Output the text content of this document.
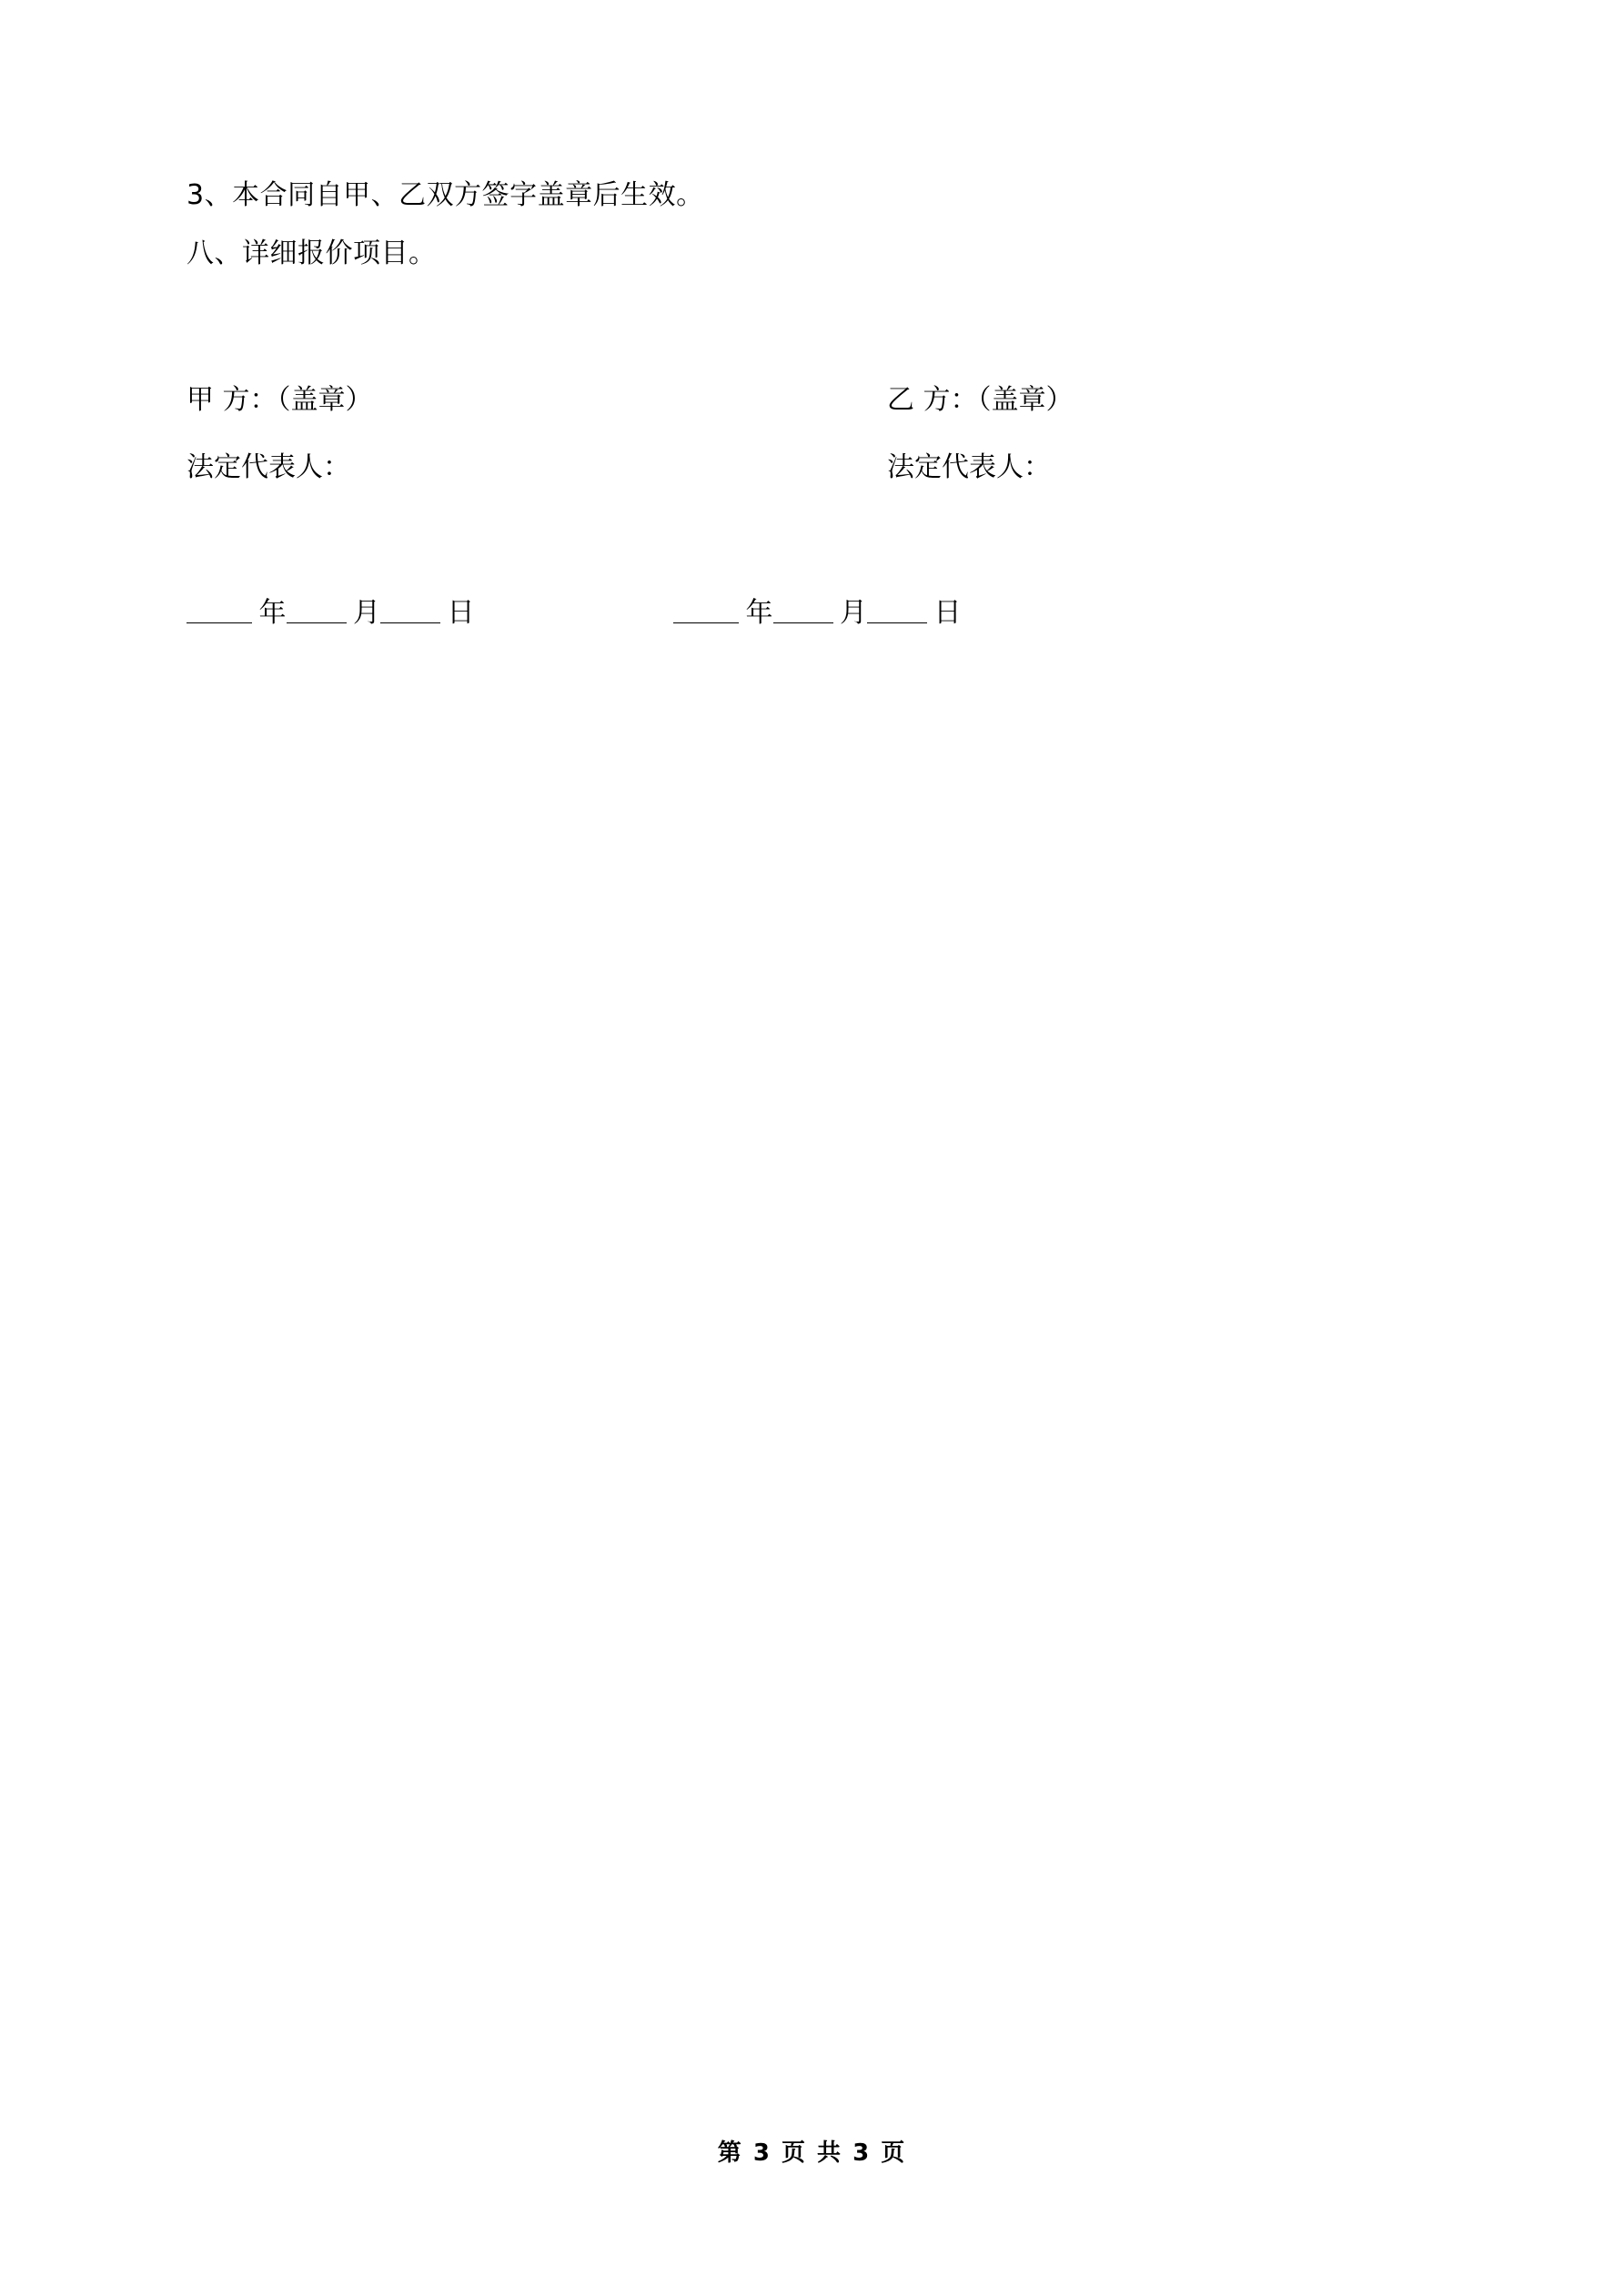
3、本合同自甲、乙双方签字盖章后生效。

八、详细报价项目。

甲 方：（盖章）	乙 方：（盖章）
法定代表人：	法定代表人：
年 月 日	年 月 日
第 3 页 共 3 页
